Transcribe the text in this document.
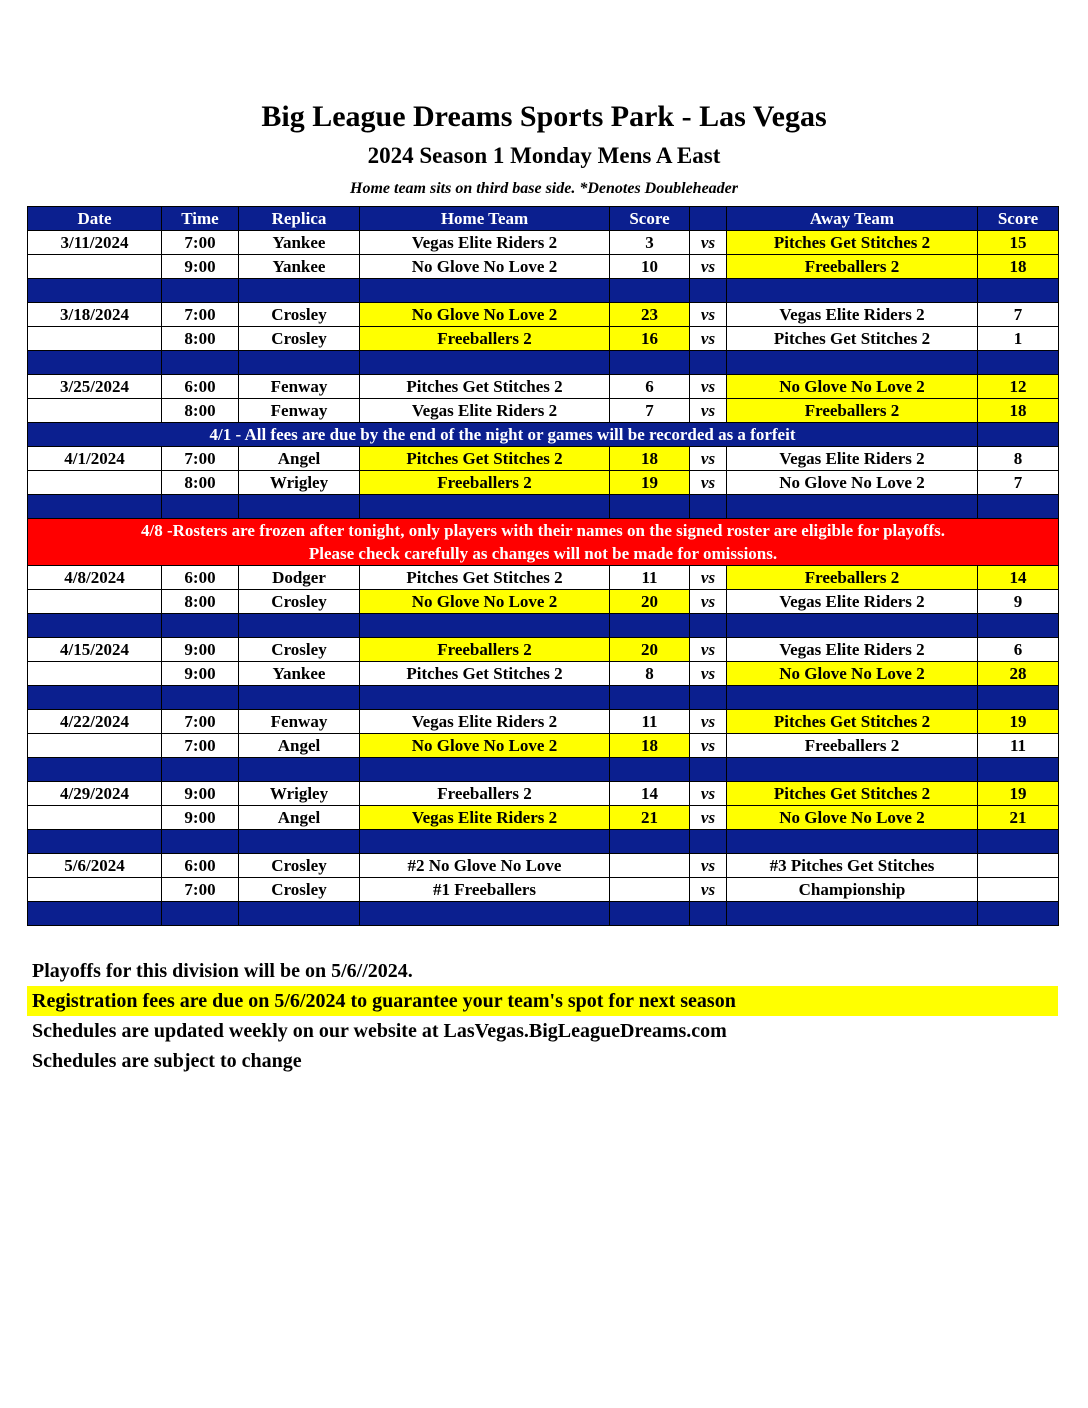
Big League Dreams Sports Park - Las Vegas
2024 Season 1 Monday Mens A East
Home team sits on third base side. *Denotes Doubleheader
Date	Time	Replica	Home Team	Score		Away Team	Score
3/11/2024	7:00	Yankee	Vegas Elite Riders 2	3	vs	Pitches Get Stitches 2	15
	9:00	Yankee	No Glove No Love 2	10	vs	Freeballers 2	18

3/18/2024	7:00	Crosley	No Glove No Love 2	23	vs	Vegas Elite Riders 2	7
	8:00	Crosley	Freeballers 2	16	vs	Pitches Get Stitches 2	1

3/25/2024	6:00	Fenway	Pitches Get Stitches 2	6	vs	No Glove No Love 2	12
	8:00	Fenway	Vegas Elite Riders 2	7	vs	Freeballers 2	18
4/1 - All fees are due by the end of the night or games will be recorded as a forfeit							
4/1/2024	7:00	Angel	Pitches Get Stitches 2	18	vs	Vegas Elite Riders 2	8
	8:00	Wrigley	Freeballers 2	19	vs	No Glove No Love 2	7

4/8 -Rosters are frozen after tonight, only players with their names on the signed roster are eligible for playoffs.							
Please check carefully as changes will not be made for omissions.							
4/8/2024	6:00	Dodger	Pitches Get Stitches 2	11	vs	Freeballers 2	14
	8:00	Crosley	No Glove No Love 2	20	vs	Vegas Elite Riders 2	9

4/15/2024	9:00	Crosley	Freeballers 2	20	vs	Vegas Elite Riders 2	6
	9:00	Yankee	Pitches Get Stitches 2	8	vs	No Glove No Love 2	28

4/22/2024	7:00	Fenway	Vegas Elite Riders 2	11	vs	Pitches Get Stitches 2	19
	7:00	Angel	No Glove No Love 2	18	vs	Freeballers 2	11

4/29/2024	9:00	Wrigley	Freeballers 2	14	vs	Pitches Get Stitches 2	19
	9:00	Angel	Vegas Elite Riders 2	21	vs	No Glove No Love 2	21

5/6/2024	6:00	Crosley	#2 No Glove No Love		vs	#3 Pitches Get Stitches	
	7:00	Crosley	#1 Freeballers		vs	Championship	

Playoffs for this division will be on 5/6//2024.
Registration fees are due on 5/6/2024 to guarantee your team's spot for next season
Schedules are updated weekly on our website at LasVegas.BigLeagueDreams.com
Schedules are subject to change
